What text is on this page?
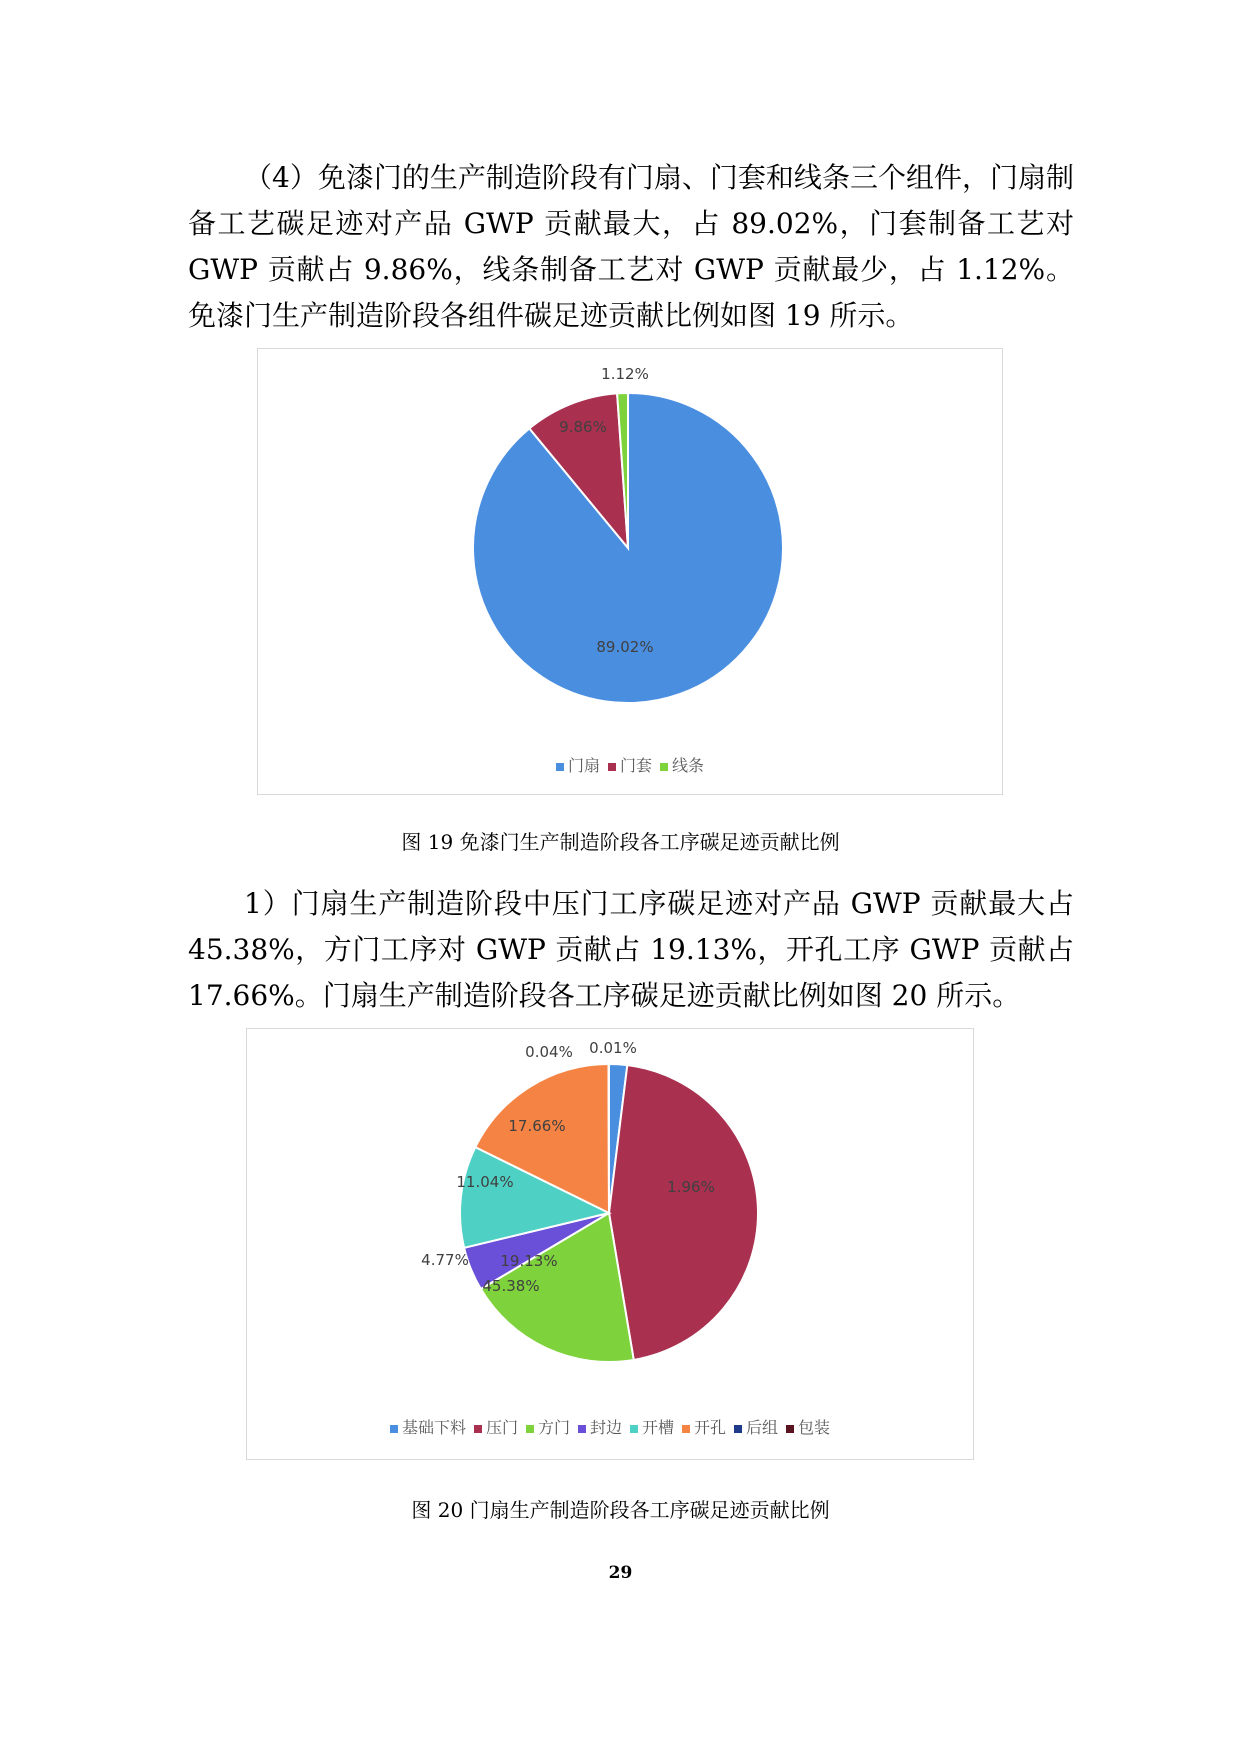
（4）免漆门的生产制造阶段有门扇、门套和线条三个组件，门扇制备工艺碳足迹对产品 GWP 贡献最大，占 89.02%，门套制备工艺对 GWP 贡献占 9.86%，线条制备工艺对 GWP 贡献最少，占 1.12%。免漆门生产制造阶段各组件碳足迹贡献比例如图 19 所示。

89.02%
9.86%
1.12%
门扇 门套 线条
图 19 免漆门生产制造阶段各工序碳足迹贡献比例

1）门扇生产制造阶段中压门工序碳足迹对产品 GWP 贡献最大占 45.38%，方门工序对 GWP 贡献占 19.13%，开孔工序 GWP 贡献占 17.66%。门扇生产制造阶段各工序碳足迹贡献比例如图 20 所示。

1.96%
45.38%
19.13%
4.77%
11.04%
17.66%
0.04% 0.01%
基础下料 压门 方门 封边 开槽 开孔 后组 包装
图 20 门扇生产制造阶段各工序碳足迹贡献比例
29
